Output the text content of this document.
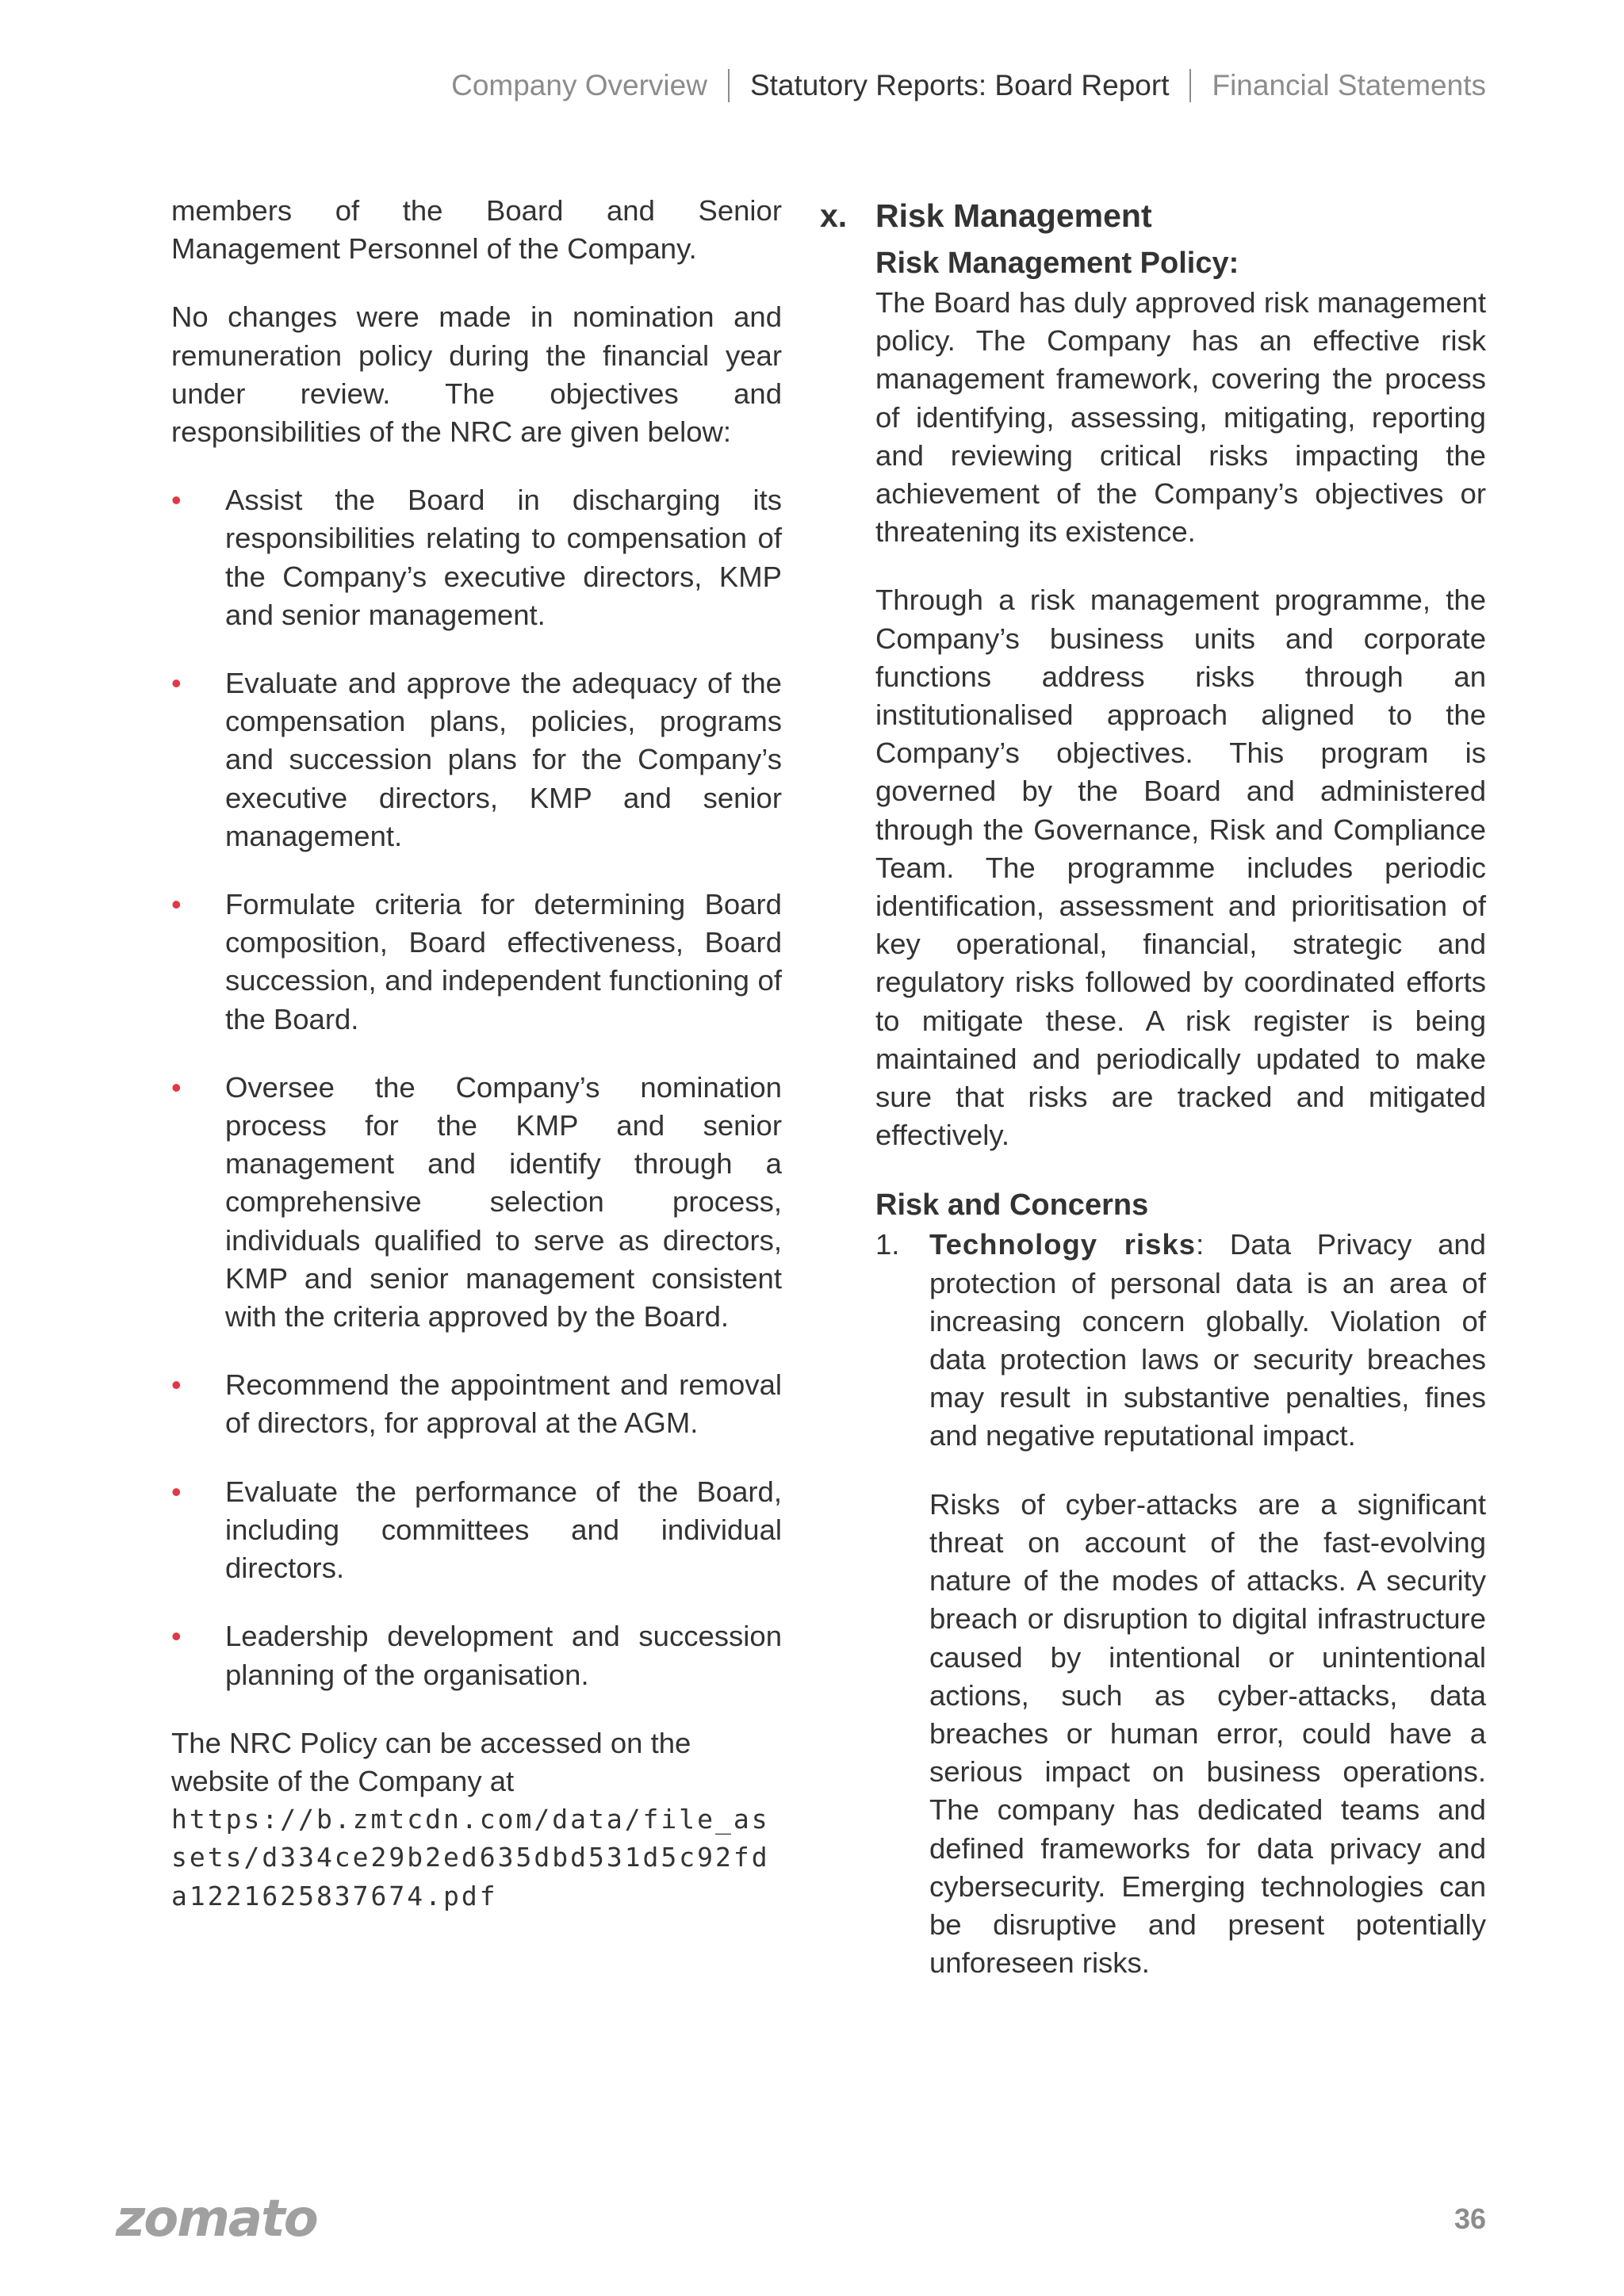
Company Overview Statutory Reports: Board Report Financial Statements

members of the Board and Senior Management Personnel of the Company.

No changes were made in nomination and remuneration policy during the financial year under review. The objectives and responsibilities of the NRC are given below:

• Assist the Board in discharging its responsibilities relating to compensation of the Company’s executive directors, KMP and senior management.
• Evaluate and approve the adequacy of the compensation plans, policies, programs and succession plans for the Company’s executive directors, KMP and senior management.
• Formulate criteria for determining Board composition, Board effectiveness, Board succession, and independent functioning of the Board.
• Oversee the Company’s nomination process for the KMP and senior management and identify through a comprehensive selection process, individuals qualified to serve as directors, KMP and senior management consistent with the criteria approved by the Board.
• Recommend the appointment and removal of directors, for approval at the AGM.
• Evaluate the performance of the Board, including committees and individual directors.
• Leadership development and succession planning of the organisation.

The NRC Policy can be accessed on the website of the Company at

https://b.zmtcdn.com/data/file_assets/d334ce29b2ed635dbd531d5c92fda1221625837674.pdf
x. Risk Management
Risk Management Policy:

The Board has duly approved risk management policy. The Company has an effective risk management framework, covering the process of identifying, assessing, mitigating, reporting and reviewing critical risks impacting the achievement of the Company’s objectives or threatening its existence.

Through a risk management programme, the Company’s business units and corporate functions address risks through an institutionalised approach aligned to the Company’s objectives. This program is governed by the Board and administered through the Governance, Risk and Compliance Team. The programme includes periodic identification, assessment and prioritisation of key operational, financial, strategic and regulatory risks followed by coordinated efforts to mitigate these. A risk register is being maintained and periodically updated to make sure that risks are tracked and mitigated effectively.

Risk and Concerns
1. Technology risks: Data Privacy and protection of personal data is an area of increasing concern globally. Violation of data protection laws or security breaches may result in substantive penalties, fines and negative reputational impact.

Risks of cyber-attacks are a significant threat on account of the fast-evolving nature of the modes of attacks. A security breach or disruption to digital infrastructure caused by intentional or unintentional actions, such as cyber-attacks, data breaches or human error, could have a serious impact on business operations. The company has dedicated teams and defined frameworks for data privacy and cybersecurity. Emerging technologies can be disruptive and present potentially unforeseen risks.

zomato	36
